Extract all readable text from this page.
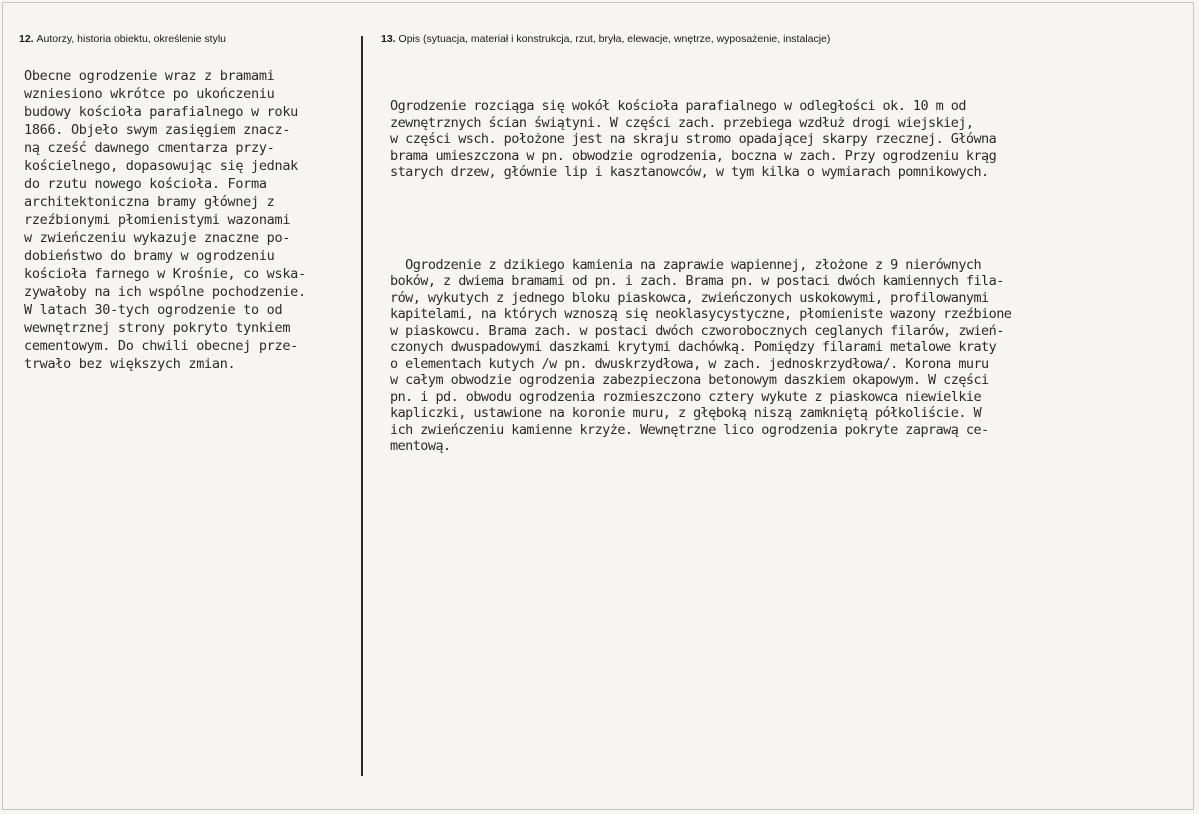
12. Autorzy, historia obiektu, określenie stylu	13. Opis (sytuacja, materiał i konstrukcja, rzut, bryła, elewacje, wnętrze, wyposażenie, instalacje)
Obecne ogrodzenie wraz z bramami
wzniesiono wkrótce po ukończeniu
budowy kościoła parafialnego w roku
1866. Objeło swym zasięgiem znacz-
ną cześć dawnego cmentarza przy-
kościelnego, dopasowując się jednak
do rzutu nowego kościoła. Forma
architektoniczna bramy głównej z
rzeźbionymi płomienistymi wazonami
w zwieńczeniu wykazuje znaczne po-
dobieństwo do bramy w ogrodzeniu
kościoła farnego w Krośnie, co wska-
zywałoby na ich wspólne pochodzenie.
W latach 30-tych ogrodzenie to od
wewnętrznej strony pokryto tynkiem
cementowym. Do chwili obecnej prze-
trwało bez większych zmian.

Ogrodzenie rozciąga się wokół kościoła parafialnego w odległości ok. 10 m od
zewnętrznych ścian świątyni. W części zach. przebiega wzdłuż drogi wiejskiej,
w części wsch. położone jest na skraju stromo opadającej skarpy rzecznej. Główna
brama umieszczona w pn. obwodzie ogrodzenia, boczna w zach. Przy ogrodzeniu krąg
starych drzew, głównie lip i kasztanowców, w tym kilka o wymiarach pomnikowych.

Ogrodzenie z dzikiego kamienia na zaprawie wapiennej, złożone z 9 nierównych
boków, z dwiema bramami od pn. i zach. Brama pn. w postaci dwóch kamiennych fila-
rów, wykutych z jednego bloku piaskowca, zwieńczonych uskokowymi, profilowanymi
kapitelami, na których wznoszą się neoklasycystyczne, płomieniste wazony rzeźbione
w piaskowcu. Brama zach. w postaci dwóch czworobocznych ceglanych filarów, zwień-
czonych dwuspadowymi daszkami krytymi dachówką. Pomiędzy filarami metalowe kraty
o elementach kutych /w pn. dwuskrzydłowa, w zach. jednoskrzydłowa/. Korona muru
w całym obwodzie ogrodzenia zabezpieczona betonowym daszkiem okapowym. W części
pn. i pd. obwodu ogrodzenia rozmieszczono cztery wykute z piaskowca niewielkie
kapliczki, ustawione na koronie muru, z głęboką niszą zamkniętą półkoliście. W
ich zwieńczeniu kamienne krzyże. Wewnętrzne lico ogrodzenia pokryte zaprawą ce-
mentową.
